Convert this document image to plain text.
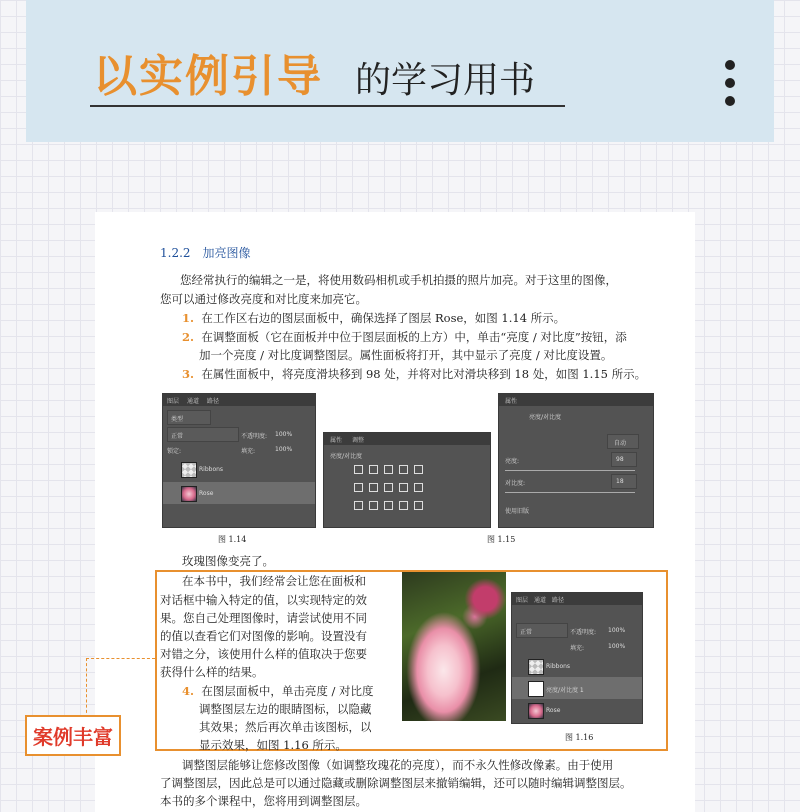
以实例引导 的学习用书
1.2.2　加亮图像
您经常执行的编辑之一是，将使用数码相机或手机拍摄的照片加亮。对于这里的图像，
您可以通过修改亮度和对比度来加亮它。
1. 在工作区右边的图层面板中，确保选择了图层 Rose，如图 1.14 所示。
2. 在调整面板（它在面板并中位于图层面板的上方）中，单击“亮度 / 对比度”按钮，添
加一个亮度 / 对比度调整图层。属性面板将打开，其中显示了亮度 / 对比度设置。
3. 在属性面板中，将亮度滑块移到 98 处，并将对比对滑块移到 18 处，如图 1.15 所示。
图层 通道 路径
类型
正常	不透明度: 100%
锁定:	填充:	100%
Ribbons
Rose
属性 调整
亮度/对比度
属性
亮度/对比度
自动
亮度:	98
对比度:	18
使用旧版
图 1.14	图 1.15
玫瑰图像变亮了。
在本书中，我们经常会让您在面板和
对话框中输入特定的值，以实现特定的效
果。您自己处理图像时，请尝试使用不同
的值以查看它们对图像的影响。设置没有
对错之分，该使用什么样的值取决于您要
获得什么样的结果。
4. 在图层面板中，单击亮度 / 对比度
调整图层左边的眼睛图标，以隐藏
其效果；然后再次单击该图标，以
显示效果，如图 1.16 所示。
图层 通道 路径
正常	不透明度: 100%
填充:	100%
Ribbons
亮度/对比度 1
Rose
图 1.16
调整图层能够让您修改图像（如调整玫瑰花的亮度），而不永久性修改像素。由于使用
了调整图层，因此总是可以通过隐藏或删除调整图层来撤销编辑，还可以随时编辑调整图层。
本书的多个课程中，您将用到调整图层。
案例丰富
